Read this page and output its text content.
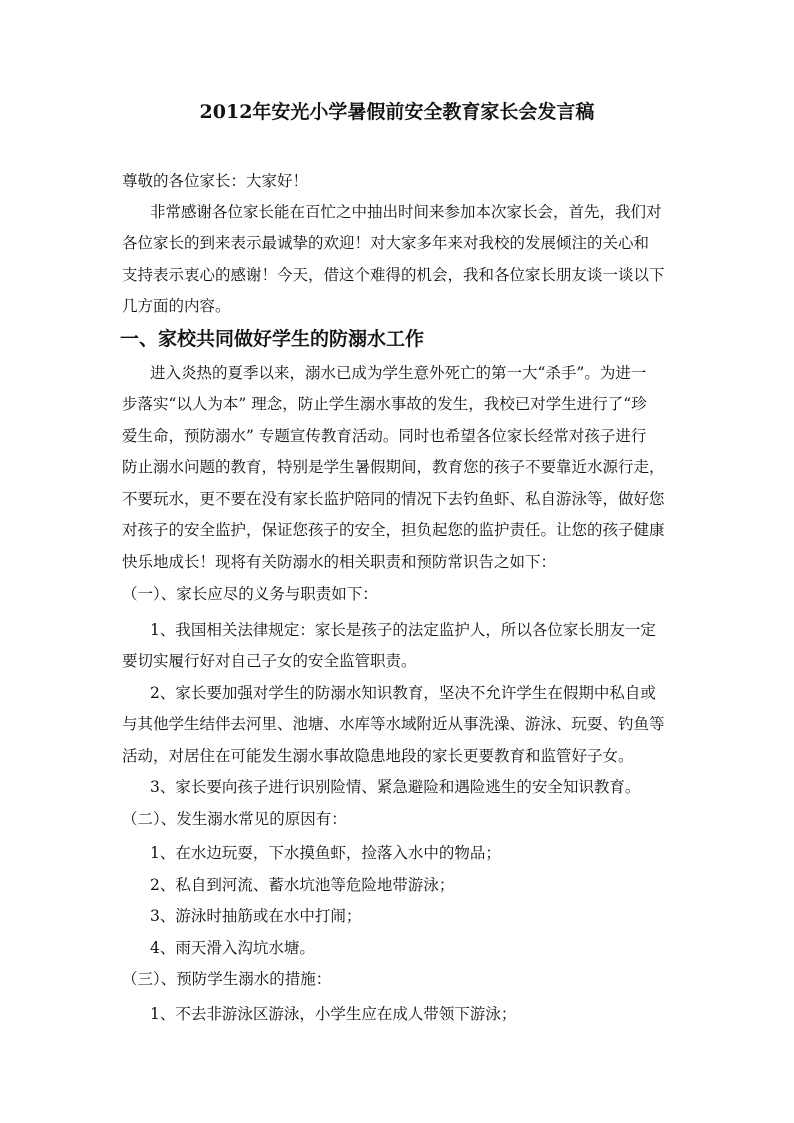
2012年安光小学暑假前安全教育家长会发言稿
尊敬的各位家长：大家好！
非常感谢各位家长能在百忙之中抽出时间来参加本次家长会，首先，我们对
各位家长的到来表示最诚挚的欢迎！对大家多年来对我校的发展倾注的关心和
支持表示衷心的感谢！今天，借这个难得的机会，我和各位家长朋友谈一谈以下
几方面的内容。
一、家校共同做好学生的防溺水工作
进入炎热的夏季以来，溺水已成为学生意外死亡的第一大“杀手”。为进一
步落实“以人为本” 理念，防止学生溺水事故的发生，我校已对学生进行了“珍
爱生命，预防溺水” 专题宣传教育活动。同时也希望各位家长经常对孩子进行
防止溺水问题的教育，特别是学生暑假期间，教育您的孩子不要靠近水源行走，
不要玩水，更不要在没有家长监护陪同的情况下去钓鱼虾、私自游泳等，做好您
对孩子的安全监护，保证您孩子的安全，担负起您的监护责任。让您的孩子健康
快乐地成长！现将有关防溺水的相关职责和预防常识告之如下：
（一）、家长应尽的义务与职责如下：
1、我国相关法律规定：家长是孩子的法定监护人，所以各位家长朋友一定
要切实履行好对自己子女的安全监管职责。
2、家长要加强对学生的防溺水知识教育，坚决不允许学生在假期中私自或
与其他学生结伴去河里、池塘、水库等水域附近从事洗澡、游泳、玩耍、钓鱼等
活动，对居住在可能发生溺水事故隐患地段的家长更要教育和监管好子女。
3、家长要向孩子进行识别险情、紧急避险和遇险逃生的安全知识教育。
（二）、发生溺水常见的原因有：
1、在水边玩耍，下水摸鱼虾，捡落入水中的物品；
2、私自到河流、蓄水坑池等危险地带游泳；
3、游泳时抽筋或在水中打闹；
4、雨天滑入沟坑水塘。
（三）、预防学生溺水的措施：
1、不去非游泳区游泳，小学生应在成人带领下游泳；
